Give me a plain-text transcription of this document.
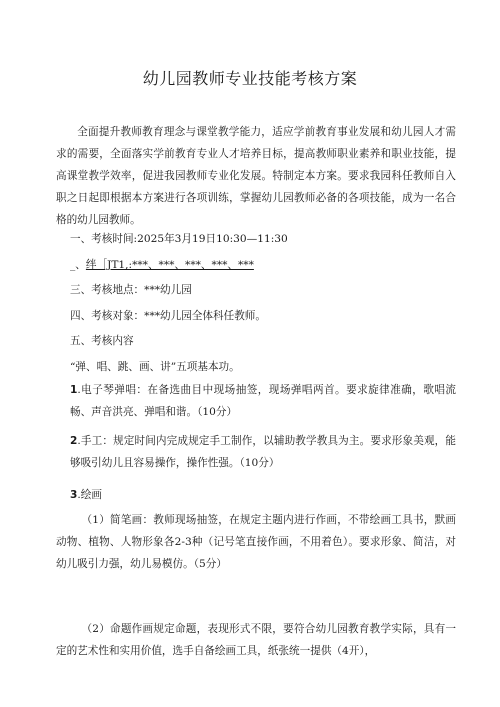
幼儿园教师专业技能考核方案
全面提升教师教育理念与课堂教学能力，适应学前教育事业发展和幼儿园人才需求的需要，全面落实学前教育专业人才培养目标，提高教师职业素养和职业技能，提高课堂教学效率，促进我园教师专业化发展。特制定本方案。要求我园科任教师自入职之日起即根据本方案进行各项训练，掌握幼儿园教师必备的各项技能，成为一名合格的幼儿园教师。
一、考核时间:2025年3月19日10:30—11:30
_、绊［JT1,:***、***、***、***、***
三、考核地点：***幼儿园
四、考核对象：***幼儿园全体科任教师。
五、考核内容
“弹、唱、跳、画、讲”五项基本功。
1.电子琴弹唱：在备选曲目中现场抽签，现场弹唱两首。要求旋律准确，歌唱流畅、声音洪亮、弹唱和谐。（10分）
2.手工：规定时间内完成规定手工制作，以辅助教学教具为主。要求形象美观，能够吸引幼儿且容易操作，操作性强。（10分）
3.绘画
（1）简笔画：教师现场抽签，在规定主题内进行作画，不带绘画工具书，默画动物、植物、人物形象各2-3种（记号笔直接作画，不用着色）。要求形象、简洁，对幼儿吸引力强，幼儿易模仿。（5分）
（2）命题作画规定命题，表现形式不限，要符合幼儿园教育教学实际，具有一定的艺术性和实用价值，选手自备绘画工具，纸张统一提供（4开），
